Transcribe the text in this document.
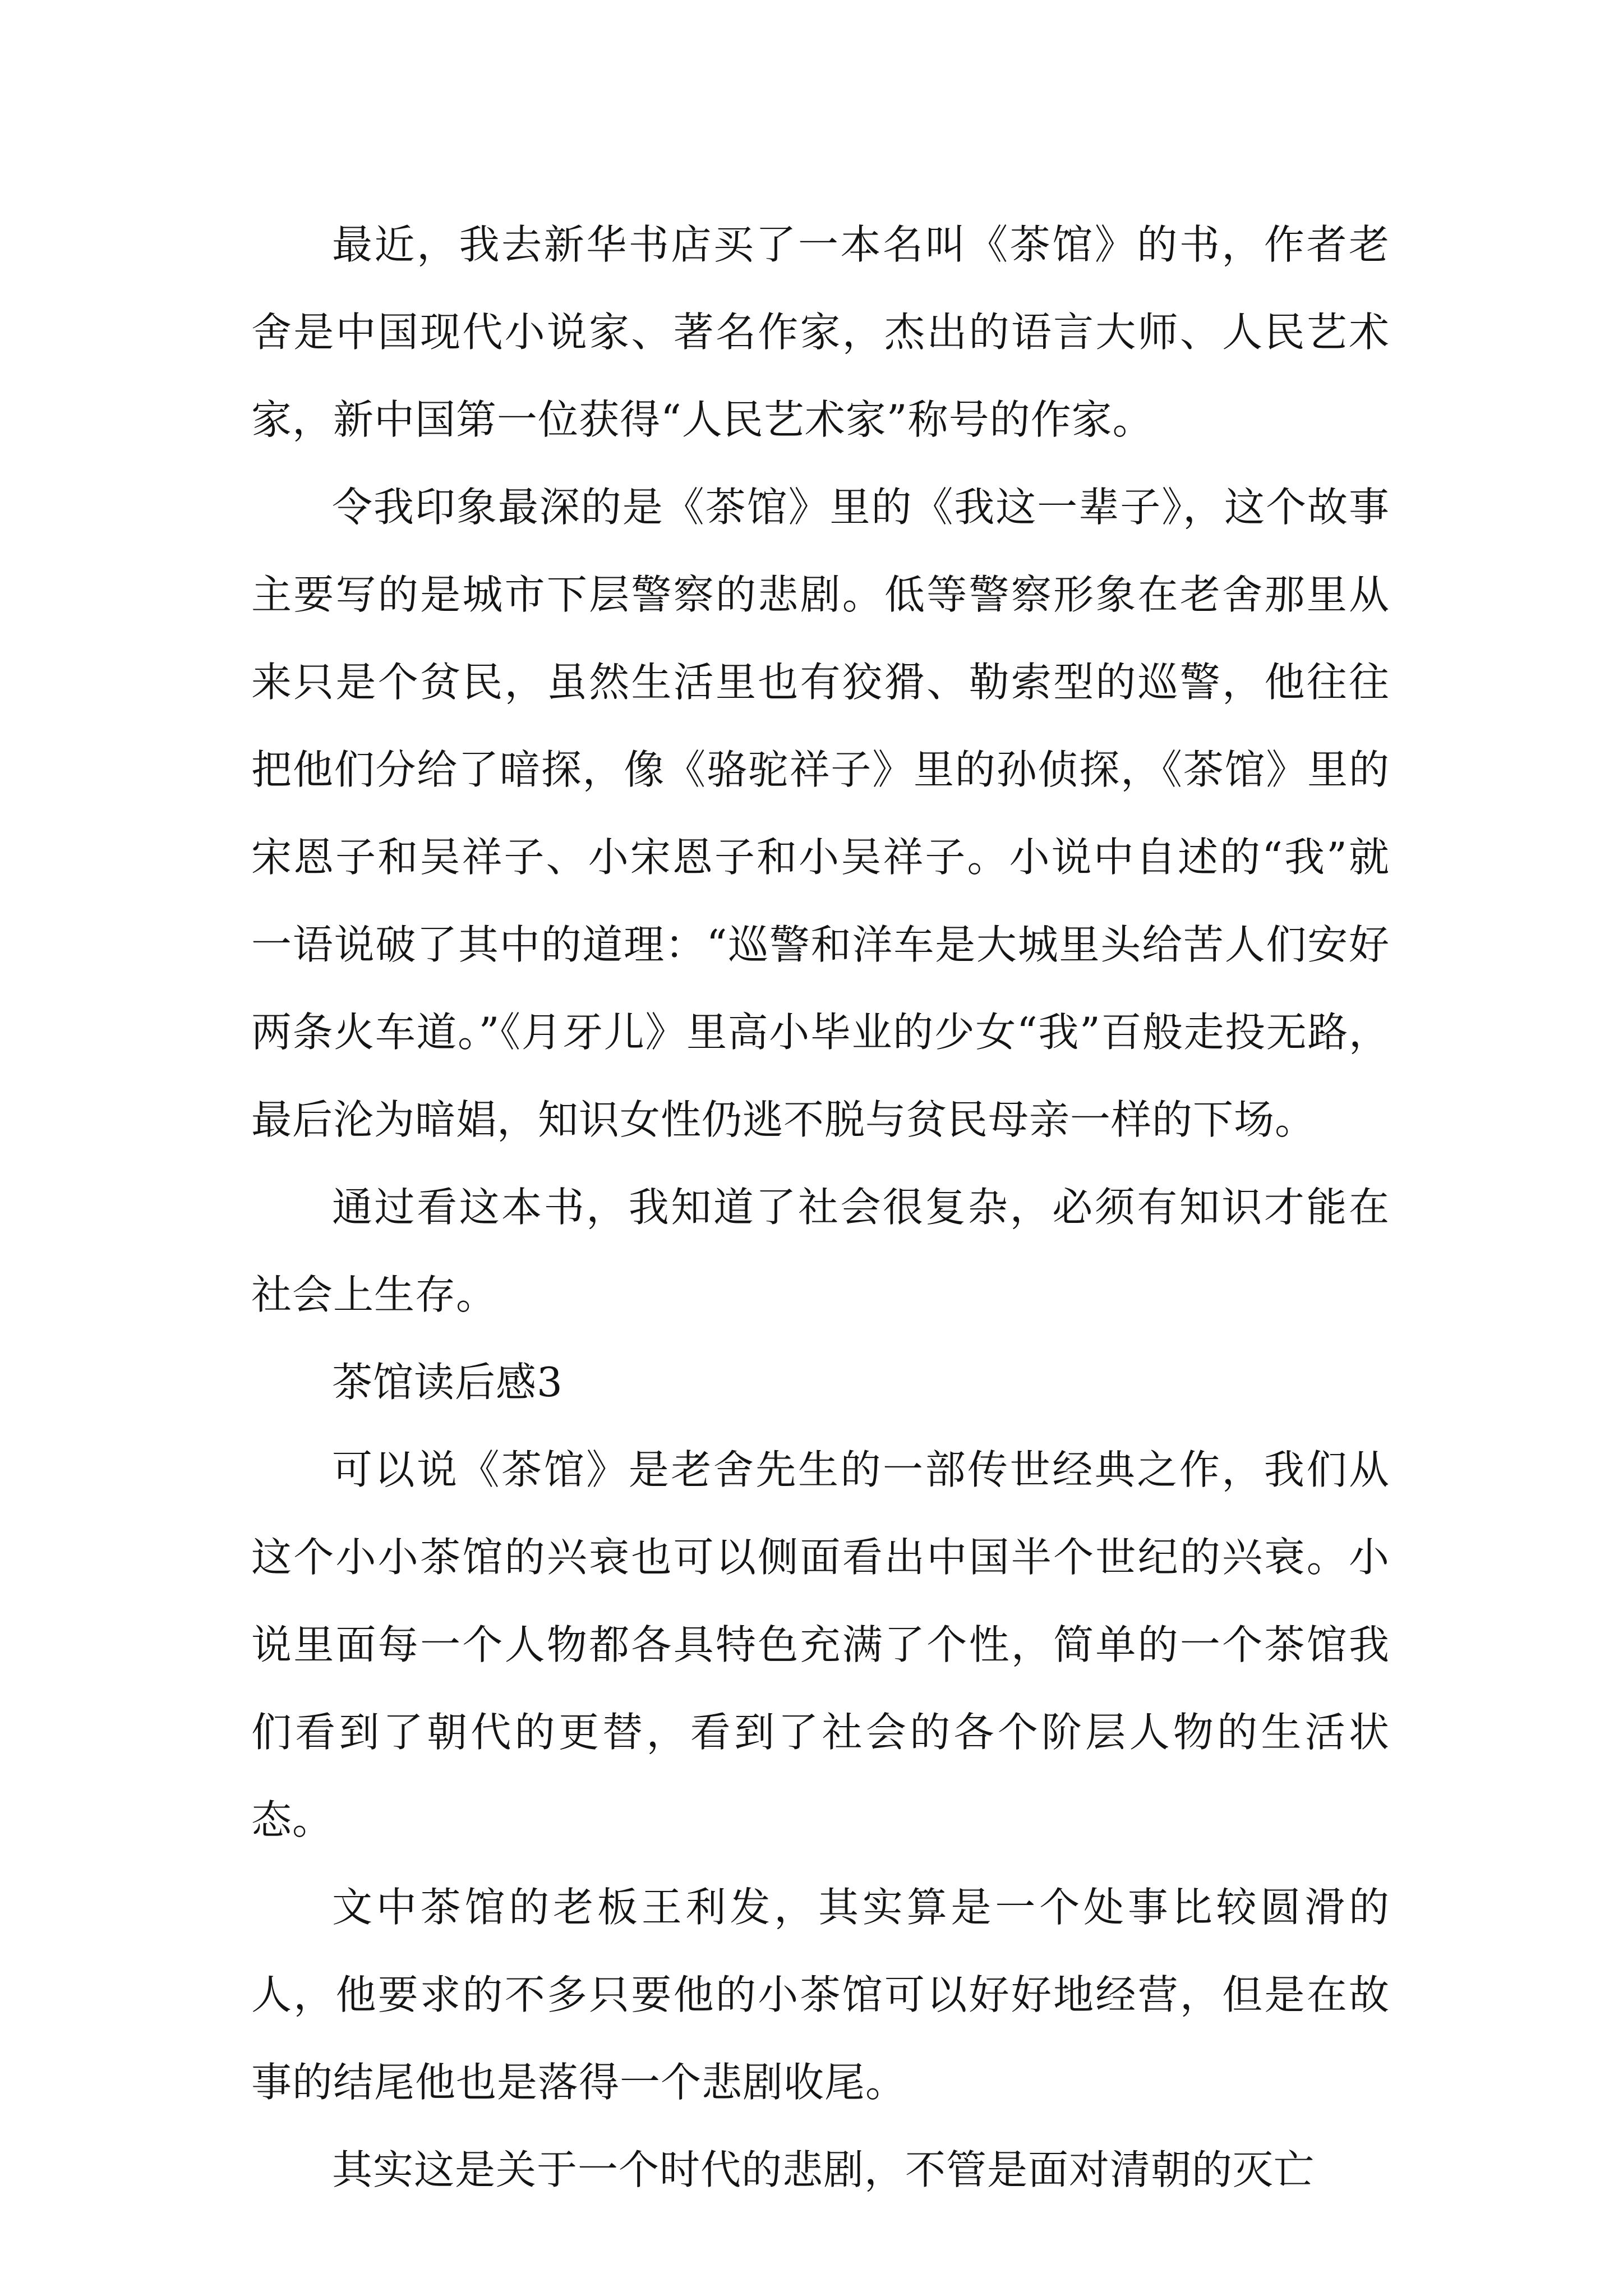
最近，我去新华书店买了一本名叫《茶馆》的书，作者老舍是中国现代小说家、著名作家，杰出的语言大师、人民艺术家，新中国第一位获得“人民艺术家”称号的作家。

令我印象最深的是《茶馆》里的《我这一辈子》，这个故事主要写的是城市下层警察的悲剧。低等警察形象在老舍那里从来只是个贫民，虽然生活里也有狡猾、勒索型的巡警，他往往把他们分给了暗探，像《骆驼祥子》里的孙侦探，《茶馆》里的宋恩子和吴祥子、小宋恩子和小吴祥子。小说中自述的“我”就一语说破了其中的道理：“巡警和洋车是大城里头给苦人们安好两条火车道。”《月牙儿》里高小毕业的少女“我”百般走投无路，最后沦为暗娼，知识女性仍逃不脱与贫民母亲一样的下场。

通过看这本书，我知道了社会很复杂，必须有知识才能在社会上生存。

茶馆读后感3

可以说《茶馆》是老舍先生的一部传世经典之作，我们从这个小小茶馆的兴衰也可以侧面看出中国半个世纪的兴衰。小说里面每一个人物都各具特色充满了个性，简单的一个茶馆我们看到了朝代的更替，看到了社会的各个阶层人物的生活状态。

文中茶馆的老板王利发，其实算是一个处事比较圆滑的人，他要求的不多只要他的小茶馆可以好好地经营，但是在故事的结尾他也是落得一个悲剧收尾。

其实这是关于一个时代的悲剧，不管是面对清朝的灭亡
